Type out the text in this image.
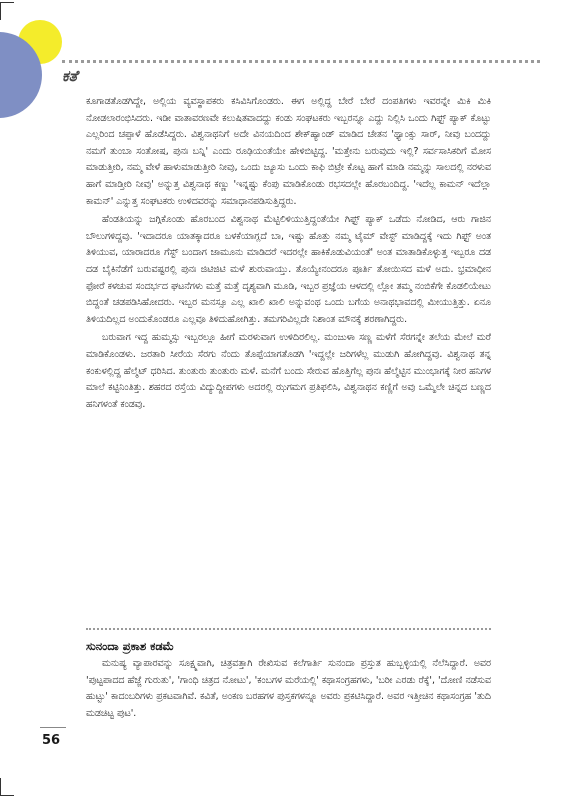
ಕತೆ

ಕೂಗಾಡತೊಡಗಿದ್ದೇ, ಅಲ್ಲಿಯ ವ್ಯವಸ್ಥಾಪಕರು ಕಸಿವಿಸಿಗೊಂಡರು. ಈಗ ಅಲ್ಲಿದ್ದ ಬೇರೆ ಬೇರೆ ದಂಪತಿಗಳು ಇವರನ್ನೇ ಮಿಕಿ ಮಿಕಿ ನೋಡಲಾರಂಭಿಸಿದರು. ಇಡೀ ವಾತಾವರಣವೇ ಕಲುಷಿತವಾದದ್ದು ಕಂಡು ಸಂಘಟಕರು ಇಬ್ಬರನ್ನೂ ಎದ್ದು ನಿಲ್ಲಿಸಿ ಒಂದು ಗಿಫ್ಟ್ ಪ್ಯಾಕ್ ಕೊಟ್ಟು ಎಲ್ಲರಿಂದ ಚಪ್ಪಾಳೆ ಹೊಡೆಸಿದ್ದರು. ವಿಶ್ವನಾಥನಿಗೆ ಅದೇ ವಿನಯದಿಂದ ಶೇಕ್‌ಹ್ಯಾಂಡ್ ಮಾಡಿದ ಚೇತನ 'ಥ್ಯಾಂಕ್ಸು ಸಾರ್, ನೀವು ಬಂದದ್ದು ನಮಗೆ ತುಂಬಾ ಸಂತೋಷ, ಪುನಃ ಬನ್ನಿ' ಎಂದು ರೂಢಿಯಂತೆಯೇ ಹೇಳಿಬಿಟ್ಟಿದ್ದ. 'ಮತ್ತೇನು ಬರುವುದು ಇಲ್ಲಿ? ಸರ್ವಸಾಸಿಕರಿಗೆ ಮೋಸ ಮಾಡುತ್ತೀರಿ, ನಮ್ಮ ವೇಳೆ ಹಾಳುಮಾಡುತ್ತೀರಿ ನೀವು, ಒಂದು ಜ್ಯೂಸು ಒಂದು ಕಾಫಿ ಬಿಟ್ರೇ ಕೊಟ್ಟ ಹಾಗೆ ಮಾಡಿ ನಮ್ಮನ್ನು ಸಾಲದಲ್ಲಿ ನರಳುವ ಹಾಗೆ ಮಾಡ್ತೀರಿ ನೀವು' ಅನ್ನುತ್ತ ವಿಶ್ವನಾಥ ಕಣ್ಣು 'ಇನ್ನಷ್ಟು ಕೆಂಪು ಮಾಡಿಕೊಂಡು ರಭಸದಲ್ಲೇ ಹೊರಬಂದಿದ್ದ. 'ಇದೆಲ್ಲ ಕಾಮನ್ ಇದೆಲ್ಲಾ ಕಾಮನ್' ಎನ್ನುತ್ತ ಸಂಘಟಕರು ಉಳಿದವರನ್ನು ಸಮಾಧಾನಪಡಿಸುತ್ತಿದ್ದರು.

ಹೆಂಡತಿಯನ್ನು ಜಗ್ಗಿಕೊಂಡು ಹೊರಬಂದ ವಿಶ್ವನಾಥ ಮೆಟ್ಟಿಲಿಳಿಯುತ್ತಿದ್ದಂತೆಯೇ ಗಿಫ್ಟ್ ಪ್ಯಾಕ್ ಒಡೆದು ನೋಡಿದ, ಆರು ಗಾಜಿನ ಬೌಲುಗಳಿದ್ದವು. 'ಇದಾದರೂ ಯಾತಕ್ಕಾದರೂ ಬಳಕೆಯಾಗ್ಲದೆ ಬಾ, ಇಷ್ಟು ಹೊತ್ತು ನಮ್ಮ ಟೈಮ್ ವೇಸ್ಟ್ ಮಾಡಿದ್ದಕ್ಕೆ ಇದು ಗಿಫ್ಟ್ ಅಂತ ತಿಳಿಯುವ, ಯಾರಾದರೂ ಗೆಸ್ಟ್ ಬಂದಾಗ ಜಾಮೂನು ಮಾಡಿದರೆ ಇದರಲ್ಲೇ ಹಾಕಿಕೊಡುವಿಯಂತೆ' ಅಂತ ಮಾತಾಡಿಕೊಳ್ಳುತ್ತ ಇಬ್ಬರೂ ದಡ ದಡ ಬೈಕಿನೆಡೆಗೆ ಬರುವಷ್ಟರಲ್ಲಿ ಪುನಃ ಜಿಟಿಜಿಟಿ ಮಳೆ ಶುರುವಾಯ್ತು. ತೊಯ್ಯೇನಂದರೂ ಪೂರ್ತಿ ತೋಯಿಸದ ಮಳೆ ಅದು. ಭ್ರಮಾಧೀನ ಫೋರೆ ಕಳಚುವ ಸಂದರ್ಭದ ಘಟನೆಗಳು ಮತ್ತೆ ಮತ್ತೆ ದೃಶ್ಯವಾಗಿ ಮೂಡಿ, ಇಬ್ಬರ ಪ್ರಜ್ಞೆಯ ಆಳದಲ್ಲಿ ಲ್ಲೋ ತಮ್ಮ ನಂಬಿಕೆಗೇ ಕೊಡಲಿಯೇಟು ಬಿದ್ದಂತೆ ಚಡಪಡಿಸಿಹೋದರು. ಇಬ್ಬರ ಮನಸ್ಸೂ ಎಲ್ಲ ಖಾಲಿ ಖಾಲಿ ಅನ್ನುವಂಥ ಒಂದು ಬಗೆಯ ಅನಾಥಭಾವದಲ್ಲಿ ಮೀಯುತ್ತಿತ್ತು. ಏನೂ ತಿಳಿಯದಿಲ್ಲದ ಅಂದುಕೊಂಡರೂ ಎಲ್ಲವೂ ತಿಳಿದುಹೋಗಿತ್ತು. ತಮಗರಿವಿಲ್ಲದೇ ನಿಶಾಂತ ಮೌನಕ್ಕೆ ಶರಣಾಗಿದ್ದರು.

ಬರುವಾಗ ಇದ್ದ ಹುಮ್ಮಸ್ಸು ಇಬ್ಬರಲ್ಲೂ ಹೀಗೆ ಮರಳುವಾಗ ಉಳಿದಿರಲಿಲ್ಲ. ಮಂಜುಳಾ ಸಣ್ಣ ಮಳೆಗೆ ಸೆರಗನ್ನೇ ತಲೆಯ ಮೇಲೆ ಮರೆ ಮಾಡಿಕೊಂಡಳು. ಜರತಾರಿ ಸೀರೆಯ ಸೆರಗು ನೆಂದು ತೊಪ್ಪೆಯಾಗತೊಡಗಿ 'ಇದ್ದಲ್ಲೇ ಜರಿಗಳೆಲ್ಲ ಮುಡುಗಿ ಹೋಗಿದ್ದವು. ವಿಶ್ವನಾಥ ತನ್ನ ಕಂಕುಳಲ್ಲಿದ್ದ ಹೆಲ್ಮೆಟ್ ಧರಿಸಿದ. ತುಂತುರು ತುಂತುರು ಮಳೆ. ಮನೆಗೆ ಬಂದು ಸೇರುವ ಹೊತ್ತಿಗೆಲ್ಲ ಪುನಃ ಹೆಲ್ಮೆಟ್ಟಿನ ಮುಂಭಾಗಕ್ಕೆ ನೀರ ಹನಿಗಳ ಮಾಲೆ ಕಟ್ಟಿನಿಂತಿತ್ತು. ಶಹರದ ರಸ್ತೆಯ ವಿದ್ಯುದ್ದೀಪಗಳು ಅದರಲ್ಲಿ ಝಗಮಗ ಪ್ರತಿಫಲಿಸಿ, ವಿಶ್ವನಾಥನ ಕಣ್ಣಿಗೆ ಅವು ಒಮ್ಮೆಲೇ ಚಿನ್ನದ ಬಣ್ಣದ ಹನಿಗಳಂತೆ ಕಂಡವು.

ಸುನಂದಾ ಪ್ರಕಾಶ ಕಡಮೆ

ಮನುಷ್ಯ ವ್ಯಾಪಾರವನ್ನು ಸೂಕ್ಷ್ಮವಾಗಿ, ಚಿತ್ರವತ್ತಾಗಿ ರೇಖಿಸುವ ಕಲೆಗಾರ್ತಿ ಸುನಂದಾ ಪ್ರಸ್ತುತ ಹುಬ್ಬಳ್ಳಿಯಲ್ಲಿ ನೆಲೆಸಿದ್ದಾರೆ. ಅವರ 'ಪುಟ್ಟಪಾದದ ಹೆಜ್ಜೆ ಗುರುತು', 'ಗಾಂಧಿ ಚಿತ್ರದ ನೋಟು', 'ಕಂಬಗಳ ಮರೆಯಲ್ಲಿ' ಕಥಾಸಂಗ್ರಹಗಳು, 'ಬರೀ ಎರಡು ರೆಕ್ಕೆ', 'ದೋಣಿ ನಡೆಸುವ ಹುಟ್ಟು' ಕಾದಂಬರಿಗಳು ಪ್ರಕಟವಾಗಿವೆ. ಕವಿತೆ, ಅಂಕಣ ಬರಹಗಳ ಪುಸ್ತಕಗಳನ್ನೂ ಅವರು ಪ್ರಕಟಿಸಿದ್ದಾರೆ. ಅವರ ಇತ್ತೀಚಿನ ಕಥಾಸಂಗ್ರಹ 'ತುದಿ ಮಡಚಿಟ್ಟ ಪುಟ'.

56
